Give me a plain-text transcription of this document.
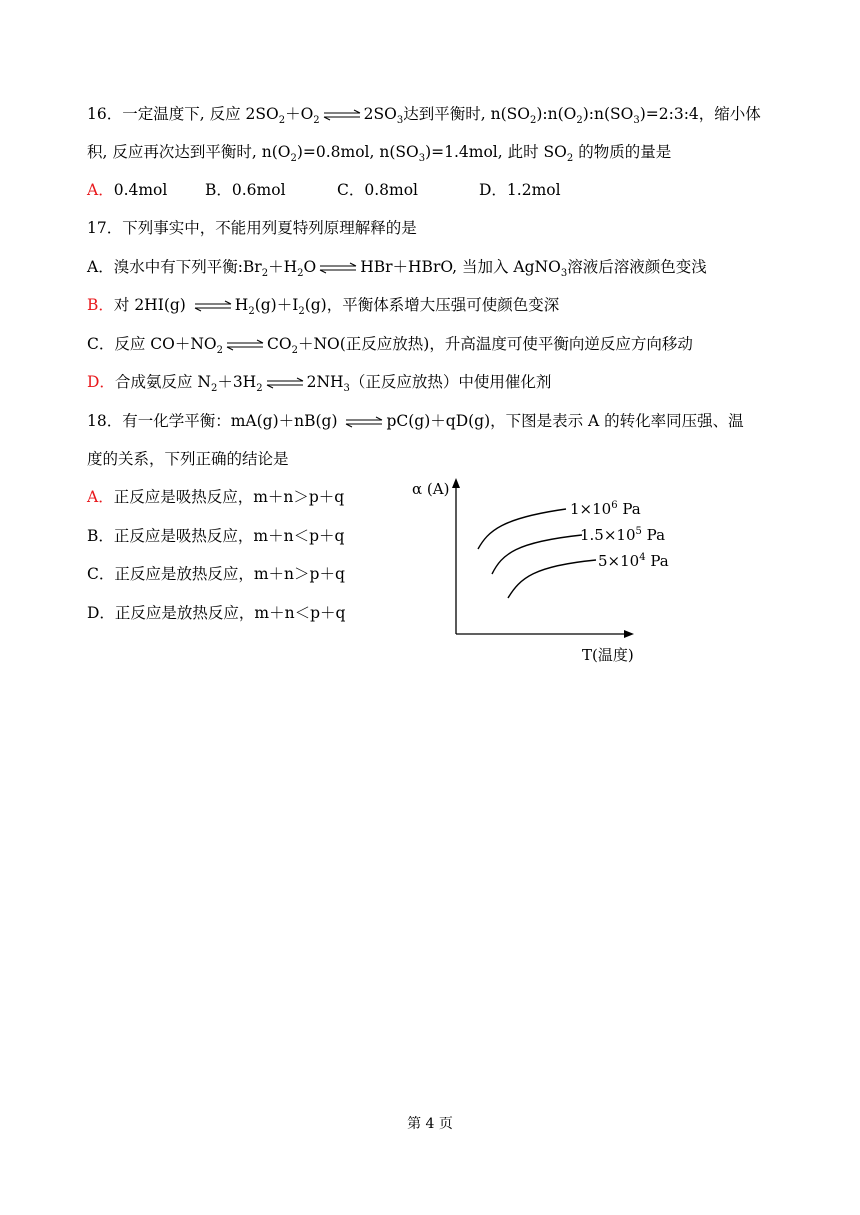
16．一定温度下, 反应 $2SO_2+O_2$ ⇌ $2SO_3$达到平衡时, $n(SO_2):n(O_2):n(SO_3)=2:3:4$，缩小体
积, 反应再次达到平衡时, $n(O_2)=0.8mol$, $n(SO_3)=1.4mol$, 此时 $SO_2$ 的物质的量是
A．0.4mol B．0.6mol	C．0.8mol	D．1.2mol
17．下列事实中，不能用列夏特列原理解释的是
A．溴水中有下列平衡$:Br_2+H_2O$ ⇌ HBr＋HBrO, 当加入 AgNO$_3$溶液后溶液颜色变浅
B．对 2HI(g) ⇌ $H_2(g)+I_2(g)$，平衡体系增大压强可使颜色变深
C．反应 $CO+NO_2$ ⇌ $CO_2+NO$(正反应放热)，升高温度可使平衡向逆反应方向移动
D．合成氨反应 $N_2+3H_2$ ⇌ $2NH_3$（正反应放热）中使用催化剂
18．有一化学平衡：mA(g)＋nB(g) ⇌ pC(g)＋qD(g)，下图是表示 A 的转化率同压强、温
度的关系，下列正确的结论是
A．正反应是吸热反应，m＋n＞p＋q
B．正反应是吸热反应，m＋n＜p＋q
C．正反应是放热反应，m＋n＞p＋q
D．正反应是放热反应，m＋n＜p＋q
α (A)
T(温度)
$1\times 10^6$ Pa
$1.5\times 10^5$ Pa
$5\times 10^4$ Pa
第 4 页
